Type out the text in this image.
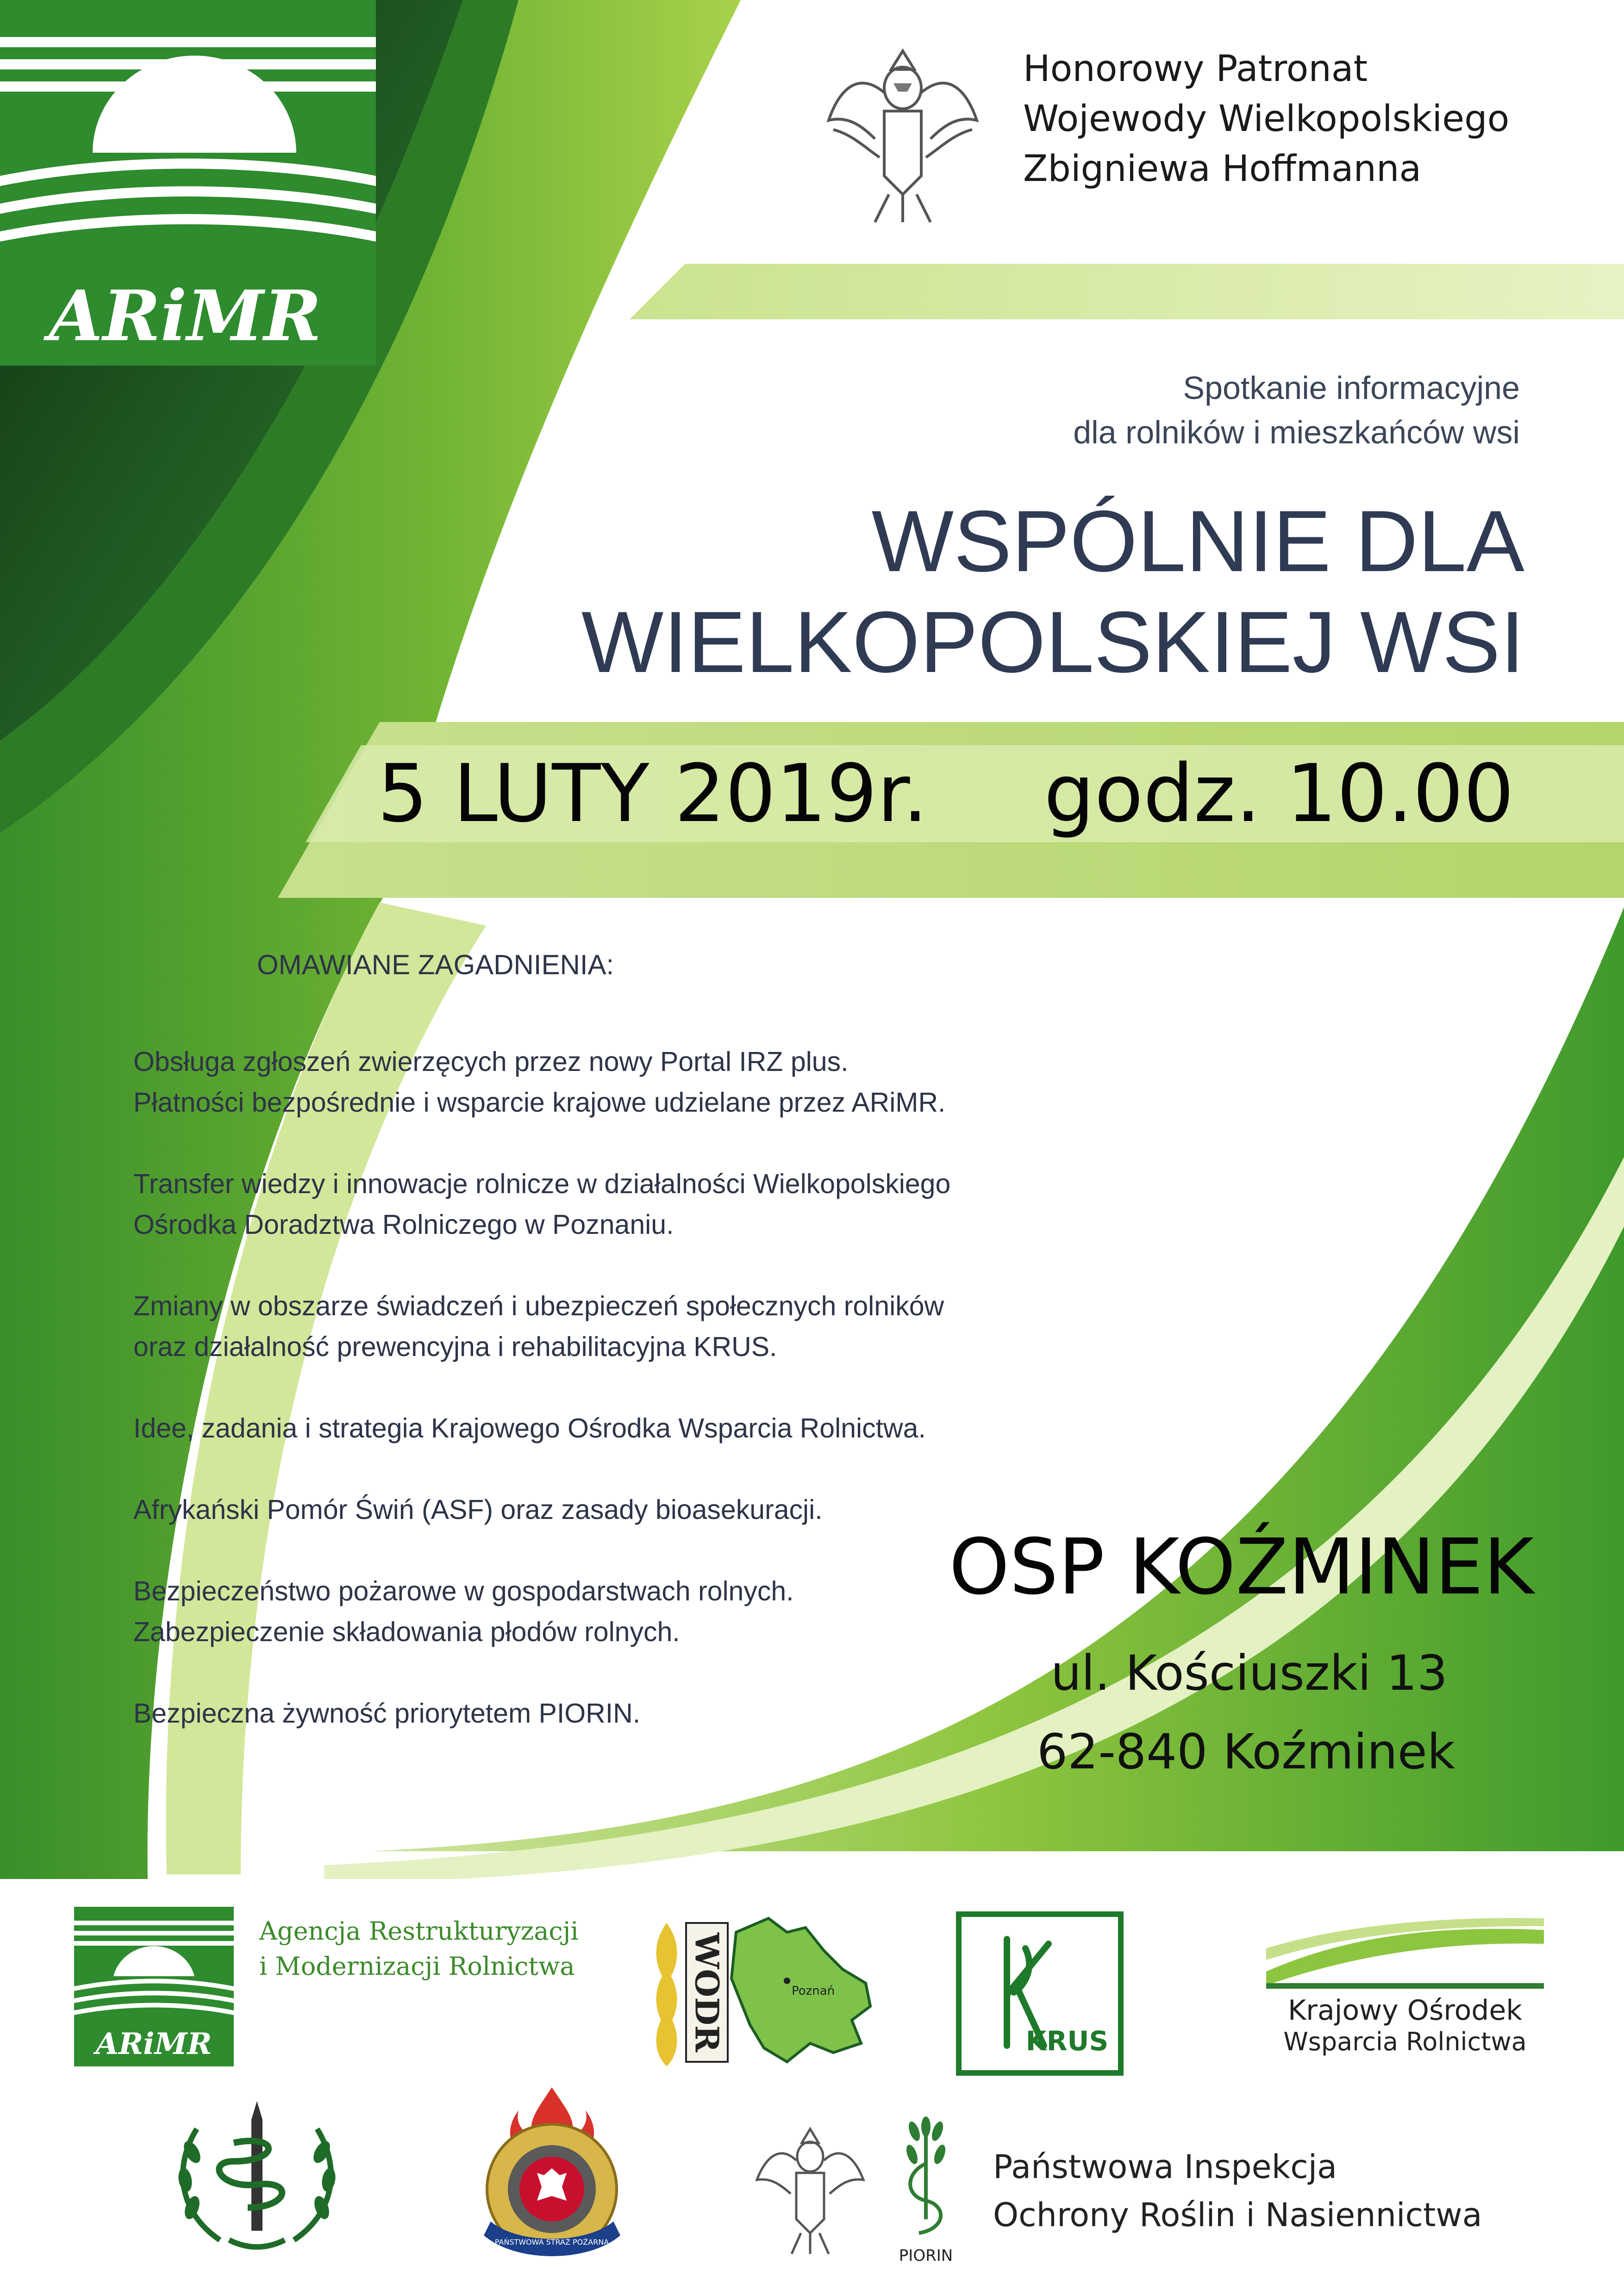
ARiMR
Honorowy Patronat
Wojewody Wielkopolskiego
Zbigniewa Hoffmanna
Spotkanie informacyjne
dla rolników i mieszkańców wsi
WSPÓLNIE DLA
WIELKOPOLSKIEJ WSI
5 LUTY 2019r. godz. 10.00
OMAWIANE ZAGADNIENIA:
Obsługa zgłoszeń zwierzęcych przez nowy Portal IRZ plus.
Płatności bezpośrednie i wsparcie krajowe udzielane przez ARiMR.
Transfer wiedzy i innowacje rolnicze w działalności Wielkopolskiego
Ośrodka Doradztwa Rolniczego w Poznaniu.
Zmiany w obszarze świadczeń i ubezpieczeń społecznych rolników
oraz działalność prewencyjna i rehabilitacyjna KRUS.
Idee, zadania i strategia Krajowego Ośrodka Wsparcia Rolnictwa.
Afrykański Pomór Świń (ASF) oraz zasady bioasekuracji.
Bezpieczeństwo pożarowe w gospodarstwach rolnych.
Zabezpieczenie składowania płodów rolnych.
Bezpieczna żywność priorytetem PIORIN.
OSP KOŹMINEK
ul. Kościuszki 13
62-840 Koźminek
ARiMR
Agencja Restrukturyzacji
i Modernizacji Rolnictwa	WODR	Poznań
KRUS
Krajowy Ośrodek
Wsparcia Rolnictwa
PAŃSTWOWA STRAŻ POŻARNA
PIORIN
Państwowa Inspekcja
Ochrony Roślin i Nasiennictwa
